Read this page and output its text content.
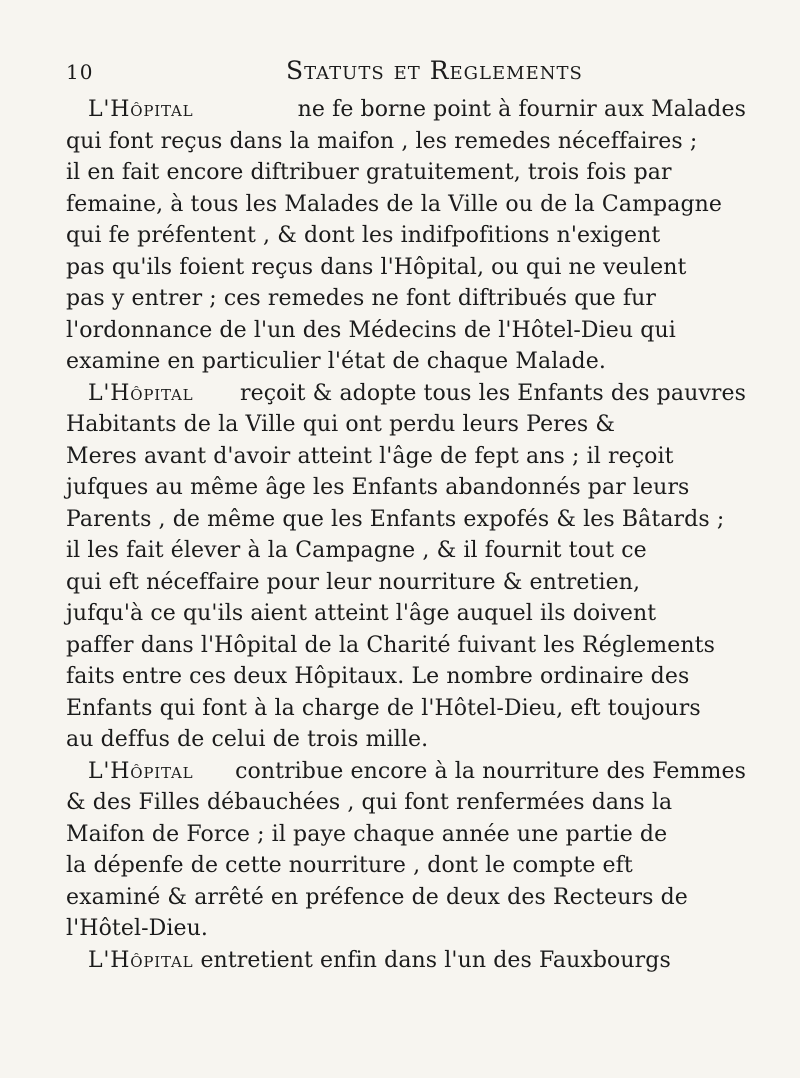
10	Statuts et Reglements
L'Hôpital
	ne fe borne point à fournir aux Malades
qui font reçus dans la maifon , les remedes néceffaires ;
il en fait encore diftribuer gratuitement, trois fois par
femaine, à tous les Malades de la Ville ou de la Campagne
qui fe préfentent , & dont les indifpofitions n'exigent
pas qu'ils foient reçus dans l'Hôpital, ou qui ne veulent
pas y entrer ; ces remedes ne font diftribués que fur
l'ordonnance de l'un des Médecins de l'Hôtel-Dieu qui
examine en particulier l'état de chaque Malade.
L'Hôpital
reçoit & adopte tous les Enfants des pauvres
Habitants de la Ville qui ont perdu leurs Peres &
Meres avant d'avoir atteint l'âge de fept ans ; il reçoit
jufques au même âge les Enfants abandonnés par leurs
Parents , de même que les Enfants expofés & les Bâtards ;
il les fait élever à la Campagne , & il fournit tout ce
qui eft néceffaire pour leur nourriture & entretien,
jufqu'à ce qu'ils aient atteint l'âge auquel ils doivent
paffer dans l'Hôpital de la Charité fuivant les Réglements
faits entre ces deux Hôpitaux. Le nombre ordinaire des
Enfants qui font à la charge de l'Hôtel-Dieu, eft toujours
au deffus de celui de trois mille.
L'Hôpital
contribue encore à la nourriture des Femmes
& des Filles débauchées , qui font renfermées dans la
Maifon de Force ; il paye chaque année une partie de
la dépenfe de cette nourriture , dont le compte eft
examiné & arrêté en préfence de deux des Recteurs de
l'Hôtel-Dieu.
L'Hôpital
entretient enfin dans l'un des Fauxbourgs
